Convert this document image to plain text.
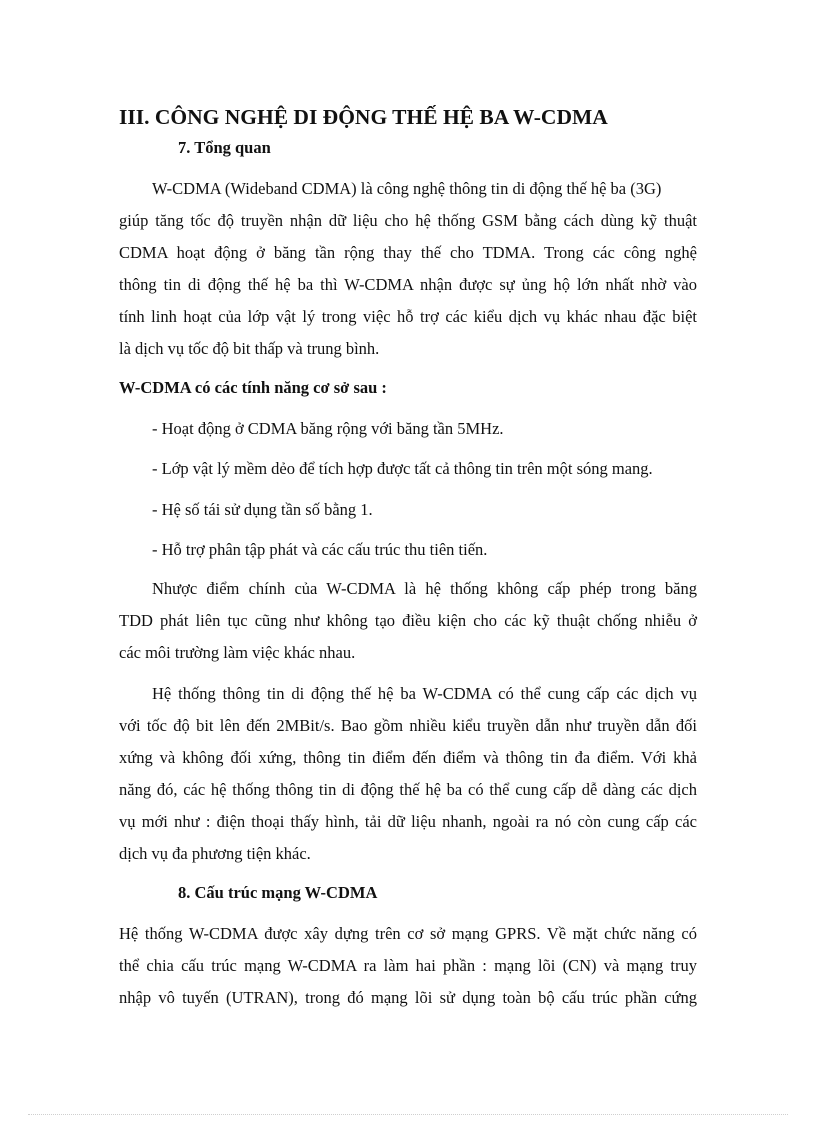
III. CÔNG NGHỆ DI ĐỘNG THẾ HỆ BA W-CDMA
7. Tổng quan
W-CDMA (Wideband CDMA) là công nghệ thông tin di động thế hệ ba (3G)
giúp tăng tốc độ truyền nhận dữ liệu cho hệ thống GSM bằng cách dùng kỹ thuật
CDMA hoạt động ở băng tần rộng thay thế cho TDMA. Trong các công nghệ
thông tin di động thế hệ ba thì W-CDMA nhận được sự ủng hộ lớn nhất nhờ vào
tính linh hoạt của lớp vật lý trong việc hỗ trợ các kiểu dịch vụ khác nhau đặc biệt
là dịch vụ tốc độ bit thấp và trung bình.
W-CDMA có các tính năng cơ sở sau :
- Hoạt động ở CDMA băng rộng với băng tần 5MHz.
- Lớp vật lý mềm dẻo để tích hợp được tất cả thông tin trên một sóng mang.
- Hệ số tái sử dụng tần số bằng 1.
- Hỗ trợ phân tập phát và các cấu trúc thu tiên tiến.
Nhược điểm chính của W-CDMA là hệ thống không cấp phép trong băng
TDD phát liên tục cũng như không tạo điều kiện cho các kỹ thuật chống nhiễu ở
các môi trường làm việc khác nhau.
Hệ thống thông tin di động thế hệ ba W-CDMA có thể cung cấp các dịch vụ
với tốc độ bit lên đến 2MBit/s. Bao gồm nhiều kiểu truyền dẫn như truyền dẫn đối
xứng và không đối xứng, thông tin điểm đến điểm và thông tin đa điểm. Với khả
năng đó, các hệ thống thông tin di động thế hệ ba có thể cung cấp dễ dàng các dịch
vụ mới như : điện thoại thấy hình, tải dữ liệu nhanh, ngoài ra nó còn cung cấp các
dịch vụ đa phương tiện khác.
8. Cấu trúc mạng W-CDMA
Hệ thống W-CDMA được xây dựng trên cơ sở mạng GPRS. Về mặt chức năng có
thể chia cấu trúc mạng W-CDMA ra làm hai phần : mạng lõi (CN) và mạng truy
nhập vô tuyến (UTRAN), trong đó mạng lõi sử dụng toàn bộ cấu trúc phần cứng
